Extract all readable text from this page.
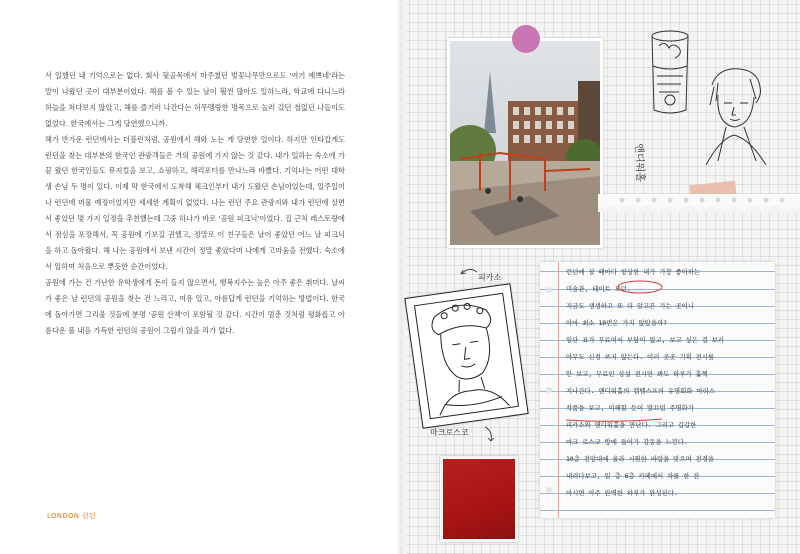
서 일했던 내 기억으로는 없다. 회사 뒷골목에서 마주쳤던 벚꽃나무만으로도 '여기 예쁘네'라는 말이 나왔던 곳이 대부분이었다. 해를 볼 수 있는 날이 훨씬 많아도 일하느라, 학교에 다니느라 하늘을 쳐다보지 않았고, 해를 즐기러 나간다는 허무맹랑한 명목으로 놀러 갔던 철없던 나들이도 없었다. 한국에서는 그게 당연했으니까.

해가 반가운 런던에서는 더블린처럼, 공원에서 해와 노는 게 당연한 일이다. 하지만 인타깝게도 런던을 찾는 대부분의 한국인 관광객들은 거의 공원에 가지 않는 것 같다. 내가 일하는 숙소에 가끔 왔던 한국인들도 뮤지컬을 보고, 쇼핑하고, 해리포터를 만나느라 바빴다. 기억나는 어떤 대학생 손님 두 명이 있다. 이제 막 한국에서 도착해 체크인부터 내가 도왔던 손님이었는데, 일주일이나 런던에 머물 예정이었지만 세세한 계획이 없었다. 나는 런던 주요 관광지와 내가 런던에 살면서 좋았던 몇 가지 일정을 추천했는데 그중 하나가 바로 '공원 피크닉'이었다. 집 근처 레스토랑에서 점심을 포장해서, 꼭 공원에 가보길 권했고, 정말로 이 친구들은 날이 좋았던 어느 날 피크닉을 하고 돌아왔다. 해 나는 공원에서 보낸 시간이 정말 좋았다며 나에게 고마움을 전했다. 숙소에서 일하며 처음으로 뿌듯한 순간이었다.

공원에 가는 건 가난한 유학생에게 돈이 들지 않으면서, 행복지수는 높은 아주 좋은 취미다. 날씨가 좋은 날 런던의 공원을 찾는 건 느리고, 여유 있고, 아름답게 런던을 기억하는 방법이다. 한국에 돌아가면 그리울 것들에 분명 '공원 산책'이 포함될 것 같다. 시간이 멈춘 것처럼 평화롭고 아름다운 풀 내음 가득한 런던의 공원이 그립지 않을 리가 없다.

LONDON 런던
앤디워홀
런던에 살 때마다 항상한 내가 가장 좋아하는
미술관, 테이트 모던.
지금도 생생하고 또 더 알고픈 가는 곳이니
아마 최소 10번은 가지 않았을까?
일단 표가 무료여서 부담이 없고, 보고 싶은 걸 보러
아무도 신경 쓰지 않는다. 이러 곳곳 기획 전시를
안 보고, 무료인 상설 전시만 봐도 하루가 훌쩍
지나간다. 앤디워홀의 캠밸스프의 유명회화 마리스
작품을 보고, 이해할 듯이 말끄럼 주명화가
피카소와 앤디워홀을 만난다. 그리고 갑갑한
마크 로스코 방에 들어가 감동을 느낀다.
10층 전망대에 올라 시원한 바람을 맞으며 전경을
내려다보고, 밑 층 6층 카페에서 차를 한 잔
마시면 아주 완벽한 하루가 완성된다.
피카소
마크로스코
